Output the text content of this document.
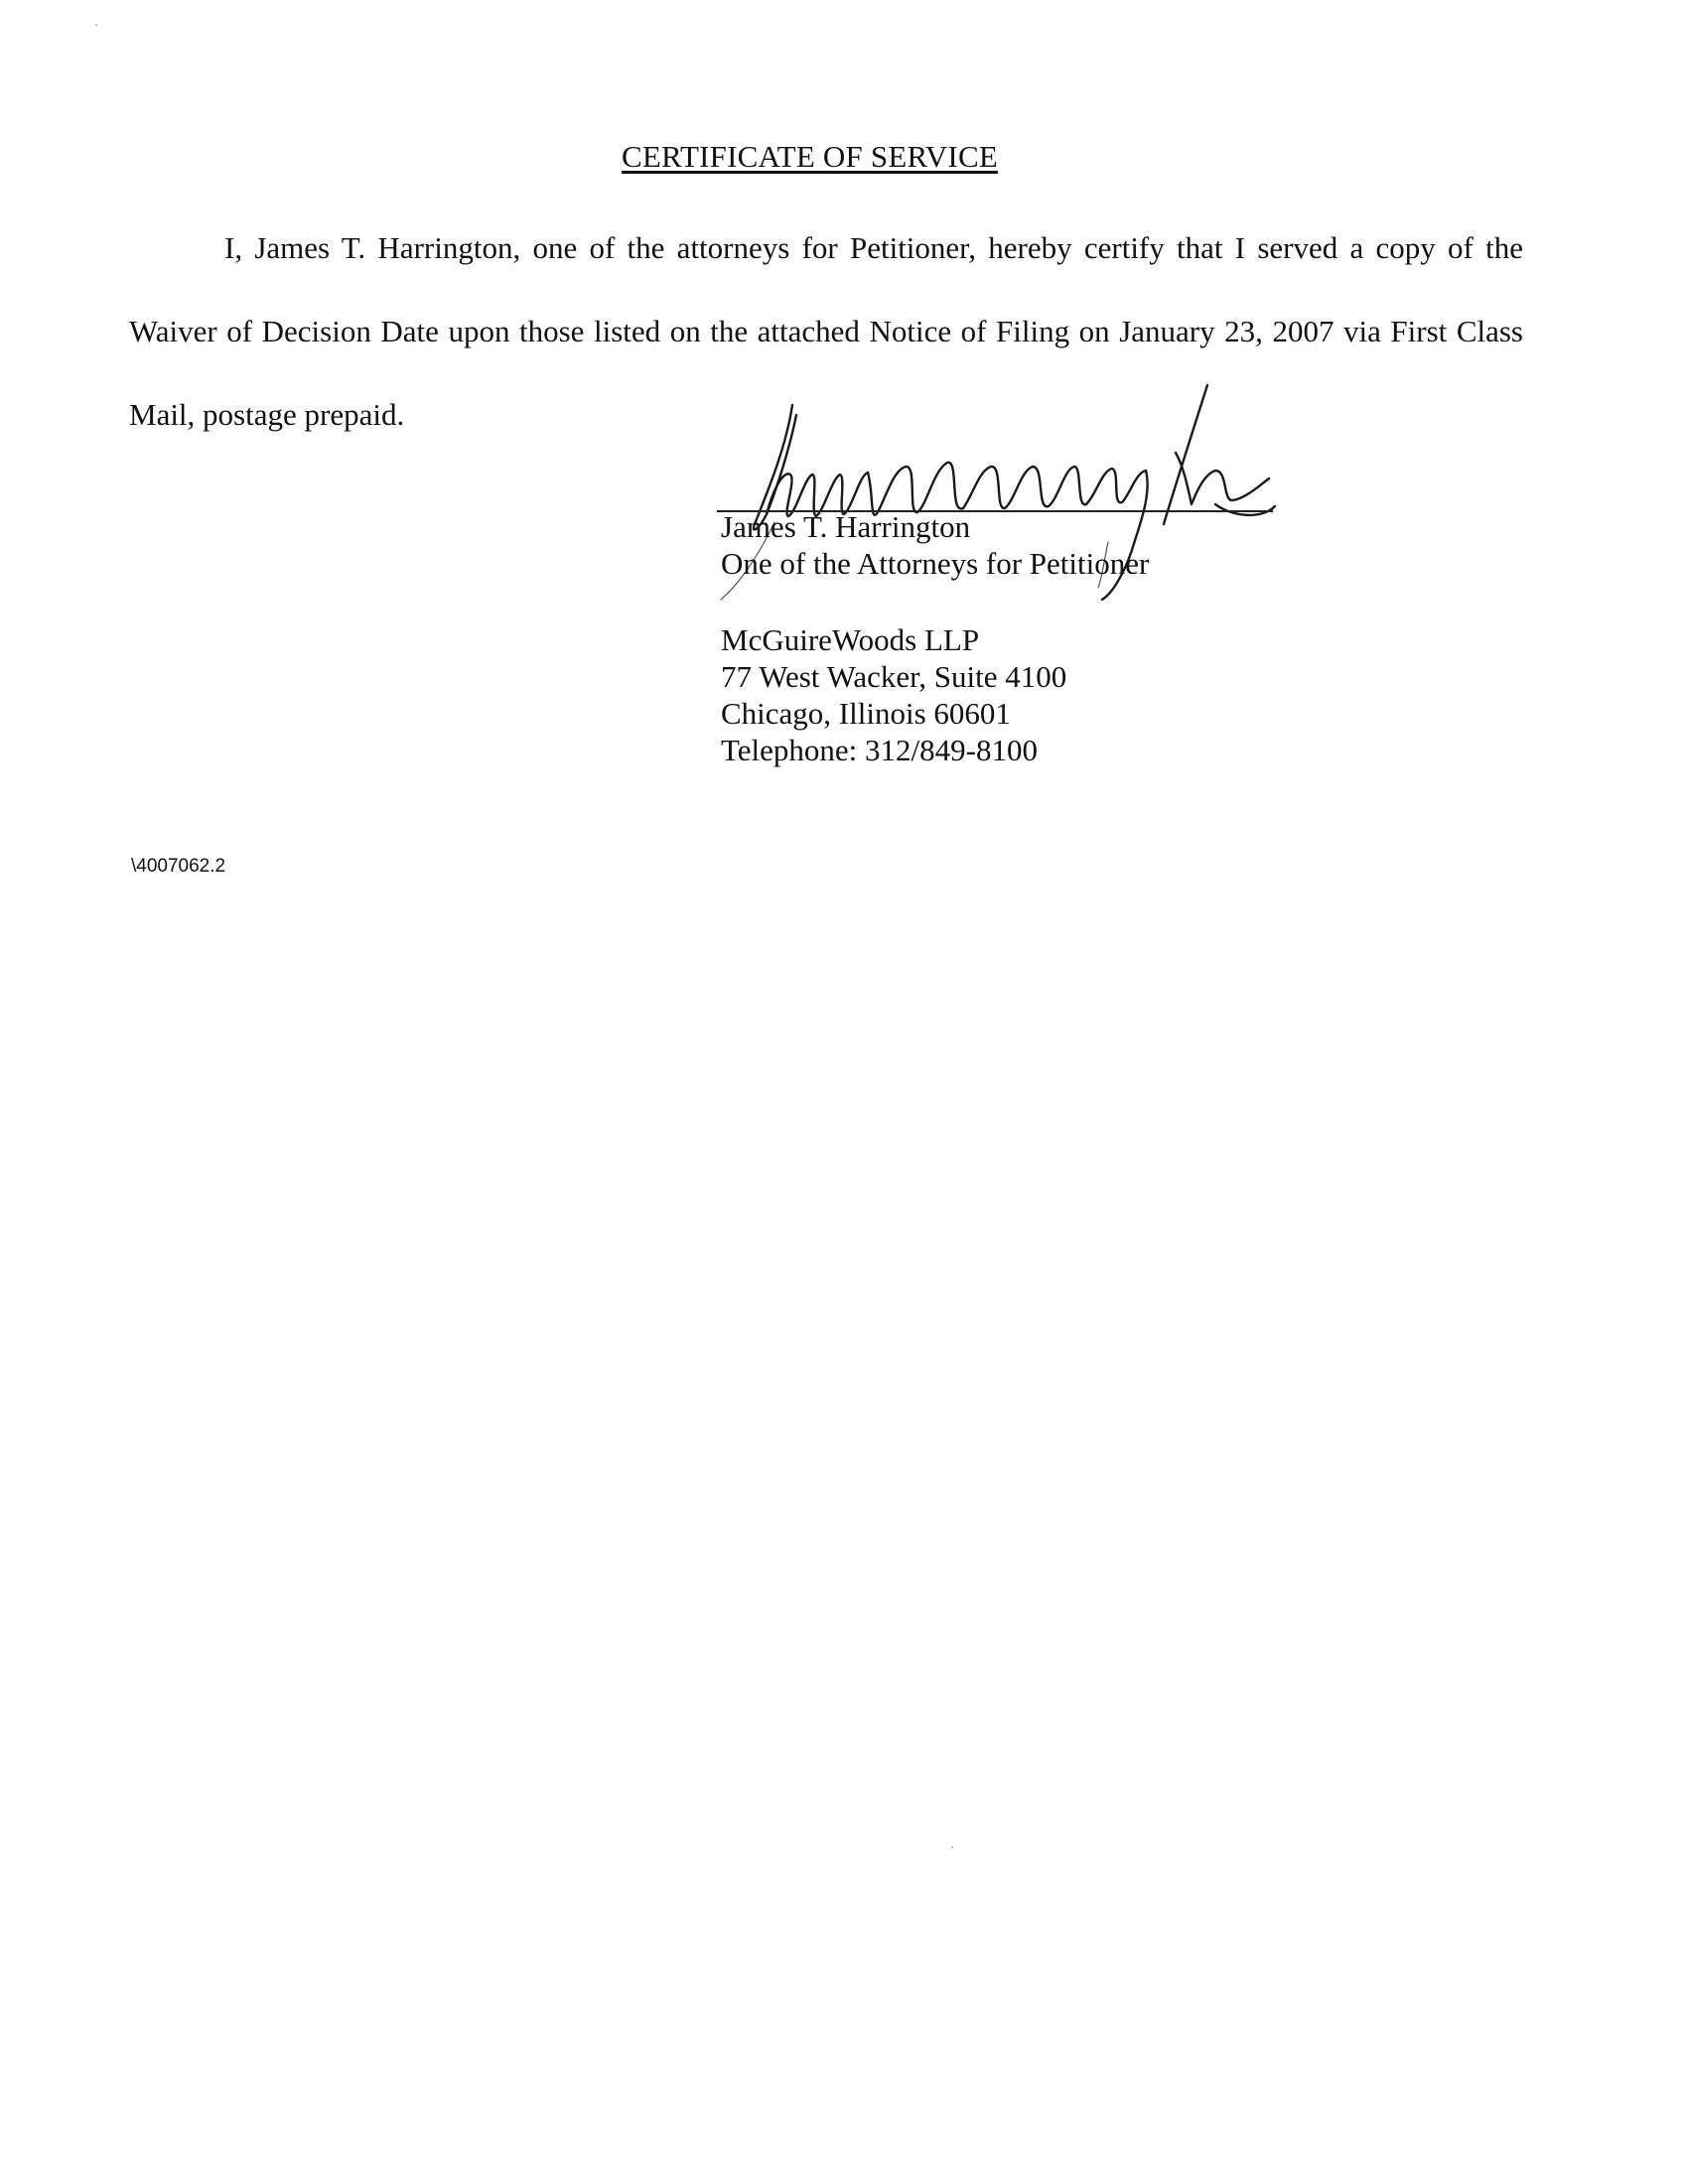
CERTIFICATE OF SERVICE

I, James T. Harrington, one of the attorneys for Petitioner, hereby certify that I served a copy of the Waiver of Decision Date upon those listed on the attached Notice of Filing on January 23, 2007 via First Class Mail, postage prepaid.

James T. Harrington
One of the Attorneys for Petitioner
McGuireWoods LLP
77 West Wacker, Suite 4100
Chicago, Illinois 60601
Telephone: 312/849-8100
\4007062.2
